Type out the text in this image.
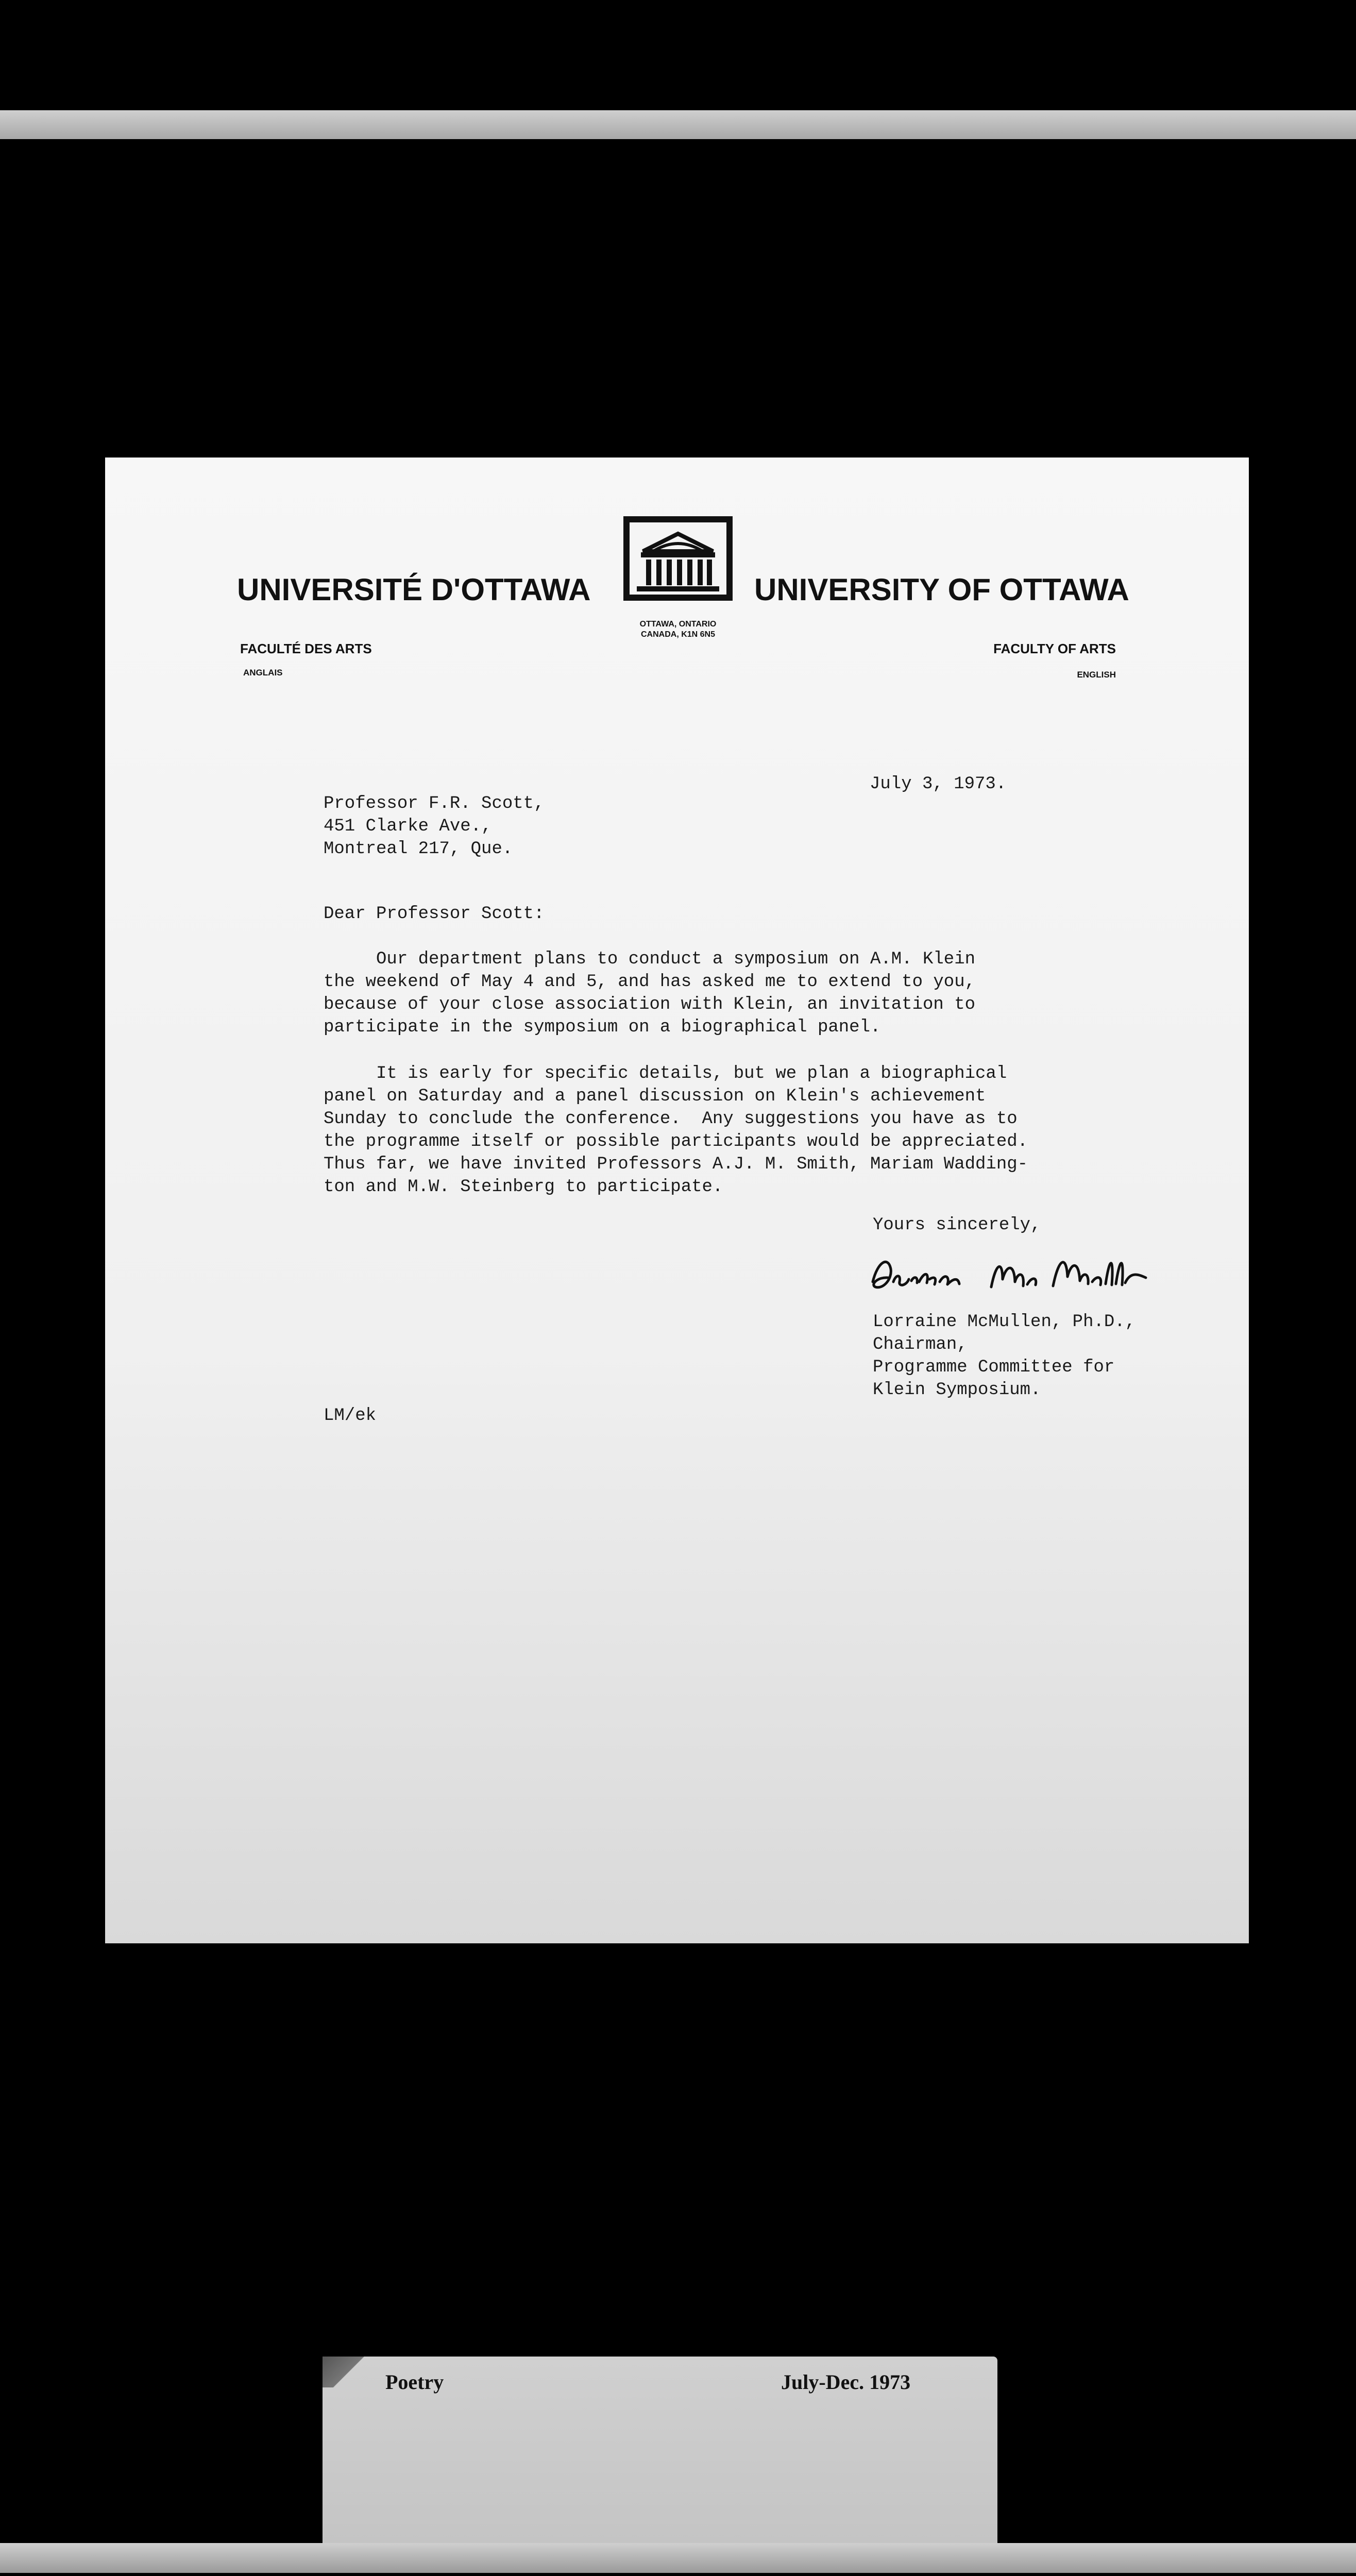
UNIVERSITÉ D'OTTAWA
OTTAWA, ONTARIO
CANADA, K1N 6N5
UNIVERSITY OF OTTAWA
FACULTÉ DES ARTS
ANGLAIS
FACULTY OF ARTS
ENGLISH
July 3, 1973.
Professor F.R. Scott,
451 Clarke Ave.,
Montreal 217, Que.
Dear Professor Scott:
Our department plans to conduct a symposium on A.M. Klein
the weekend of May 4 and 5, and has asked me to extend to you,
because of your close association with Klein, an invitation to
participate in the symposium on a biographical panel.
It is early for specific details, but we plan a biographical
panel on Saturday and a panel discussion on Klein's achievement
Sunday to conclude the conference.  Any suggestions you have as to
the programme itself or possible participants would be appreciated.
Thus far, we have invited Professors A.J. M. Smith, Mariam Wadding-
ton and M.W. Steinberg to participate.
Yours sincerely,
Lorraine McMullen, Ph.D.,
Chairman,
Programme Committee for
Klein Symposium.
LM/ek
Poetry	July-Dec. 1973
